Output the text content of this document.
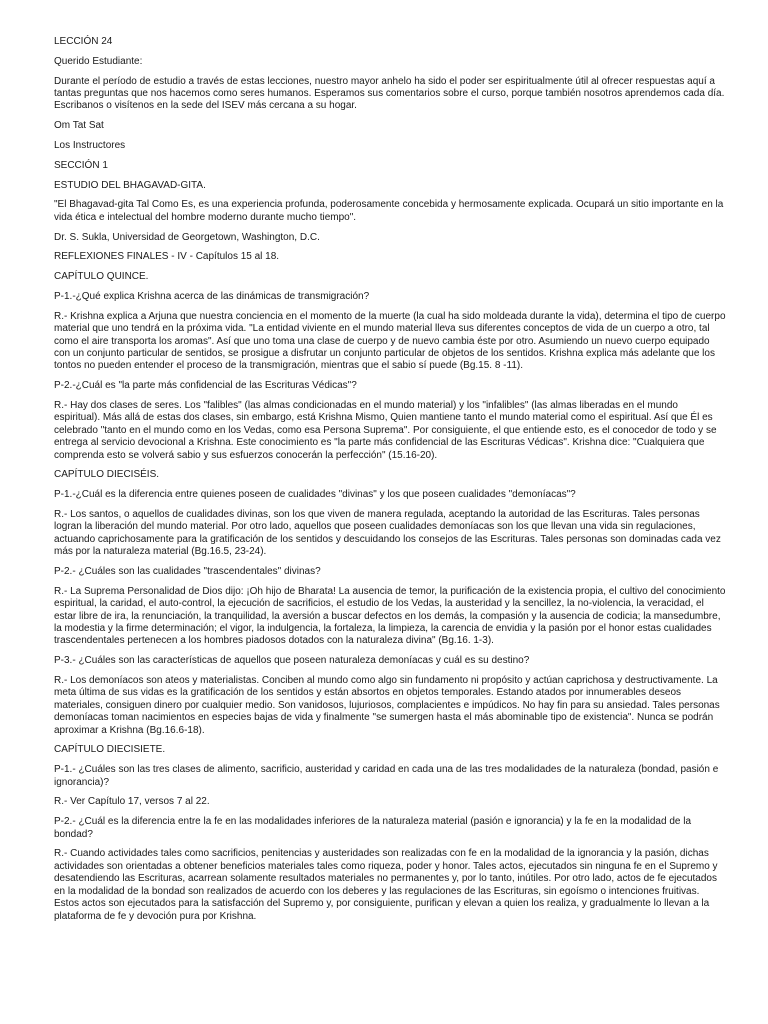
LECCIÓN 24

Querido Estudiante:

Durante el período de estudio a través de estas lecciones, nuestro mayor anhelo ha sido el poder ser espiritualmente útil al ofrecer respuestas aquí a tantas preguntas que nos hacemos como seres humanos. Esperamos sus comentarios sobre el curso, porque también nosotros aprendemos cada día. Escribanos o visítenos en la sede del ISEV más cercana a su hogar.

Om Tat Sat

Los Instructores

SECCIÓN 1

ESTUDIO DEL BHAGAVAD-GITA.

"El Bhagavad-gita Tal Como Es, es una experiencia profunda, poderosamente concebida y hermosamente explicada. Ocupará un sitio importante en la vida ética e intelectual del hombre moderno durante mucho tiempo".

Dr. S. Sukla, Universidad de Georgetown, Washington, D.C.

REFLEXIONES FINALES - IV - Capítulos 15 al 18.

CAPÍTULO QUINCE.

P-1.-¿Qué explica Krishna acerca de las dinámicas de transmigración?

R.- Krishna explica a Arjuna que nuestra conciencia en el momento de la muerte (la cual ha sido moldeada durante la vida), determina el tipo de cuerpo material que uno tendrá en la próxima vida. "La entidad viviente en el mundo material lleva sus diferentes conceptos de vida de un cuerpo a otro, tal como el aire transporta los aromas". Así que uno toma una clase de cuerpo y de nuevo cambia éste por otro. Asumiendo un nuevo cuerpo equipado con un conjunto particular de sentidos, se prosigue a disfrutar un conjunto particular de objetos de los sentidos. Krishna explica más adelante que los tontos no pueden entender el proceso de la transmigración, mientras que el sabio sí puede (Bg.15. 8 -11).

P-2.-¿Cuál es "la parte más confidencial de las Escrituras Védicas"?

R.- Hay dos clases de seres. Los "falibles" (las almas condicionadas en el mundo material) y los "infalibles" (las almas liberadas en el mundo espiritual). Más allá de estas dos clases, sin embargo, está Krishna Mismo, Quien mantiene tanto el mundo material como el espiritual. Así que Él es celebrado "tanto en el mundo como en los Vedas, como esa Persona Suprema". Por consiguiente, el que entiende esto, es el conocedor de todo y se entrega al servicio devocional a Krishna. Este conocimiento es "la parte más confidencial de las Escrituras Védicas". Krishna dice: "Cualquiera que comprenda esto se volverá sabio y sus esfuerzos conocerán la perfección" (15.16-20).

CAPÍTULO DIECISÉIS.

P-1.-¿Cuál es la diferencia entre quienes poseen de cualidades "divinas" y los que poseen cualidades "demoníacas"?

R.- Los santos, o aquellos de cualidades divinas, son los que viven de manera regulada, aceptando la autoridad de las Escrituras. Tales personas logran la liberación del mundo material. Por otro lado, aquellos que poseen cualidades demoníacas son los que llevan una vida sin regulaciones, actuando caprichosamente para la gratificación de los sentidos y descuidando los consejos de las Escrituras. Tales personas son dominadas cada vez más por la naturaleza material (Bg.16.5, 23-24).

P-2.- ¿Cuáles son las cualidades "trascendentales" divinas?

R.- La Suprema Personalidad de Dios dijo: ¡Oh hijo de Bharata! La ausencia de temor, la purificación de la existencia propia, el cultivo del conocimiento espiritual, la caridad, el auto-control, la ejecución de sacrificios, el estudio de los Vedas, la austeridad y la sencillez, la no-violencia, la veracidad, el estar libre de ira, la renunciación, la tranquilidad, la aversión a buscar defectos en los demás, la compasión y la ausencia de codicia; la mansedumbre, la modestia y la firme determinación; el vigor, la indulgencia, la fortaleza, la limpieza, la carencia de envidia y la pasión por el honor estas cualidades trascendentales pertenecen a los hombres piadosos dotados con la naturaleza divina" (Bg.16. 1-3).

P-3.- ¿Cuáles son las características de aquellos que poseen naturaleza demoníacas y cuál es su destino?

R.- Los demoníacos son ateos y materialistas. Conciben al mundo como algo sin fundamento ni propósito y actúan caprichosa y destructivamente. La meta última de sus vidas es la gratificación de los sentidos y están absortos en objetos temporales. Estando atados por innumerables deseos materiales, consiguen dinero por cualquier medio. Son vanidosos, lujuriosos, complacientes e impúdicos. No hay fin para su ansiedad. Tales personas demoníacas toman nacimientos en especies bajas de vida y finalmente "se sumergen hasta el más abominable tipo de existencia". Nunca se podrán aproximar a Krishna (Bg.16.6-18).

CAPÍTULO DIECISIETE.

P-1.- ¿Cuáles son las tres clases de alimento, sacrificio, austeridad y caridad en cada una de las tres modalidades de la naturaleza (bondad, pasión e ignorancia)?

R.- Ver Capítulo 17, versos 7 al 22.

P-2.- ¿Cuál es la diferencia entre la fe en las modalidades inferiores de la naturaleza material (pasión e ignorancia) y la fe en la modalidad de la bondad?

R.- Cuando actividades tales como sacrificios, penitencias y austeridades son realizadas con fe en la modalidad de la ignorancia y la pasión, dichas actividades son orientadas a obtener beneficios materiales tales como riqueza, poder y honor. Tales actos, ejecutados sin ninguna fe en el Supremo y desatendiendo las Escrituras, acarrean solamente resultados materiales no permanentes y, por lo tanto, inútiles. Por otro lado, actos de fe ejecutados en la modalidad de la bondad son realizados de acuerdo con los deberes y las regulaciones de las Escrituras, sin egoísmo o intenciones fruitivas. Estos actos son ejecutados para la satisfacción del Supremo y, por consiguiente, purifican y elevan a quien los realiza, y gradualmente lo llevan a la plataforma de fe y devoción pura por Krishna.
